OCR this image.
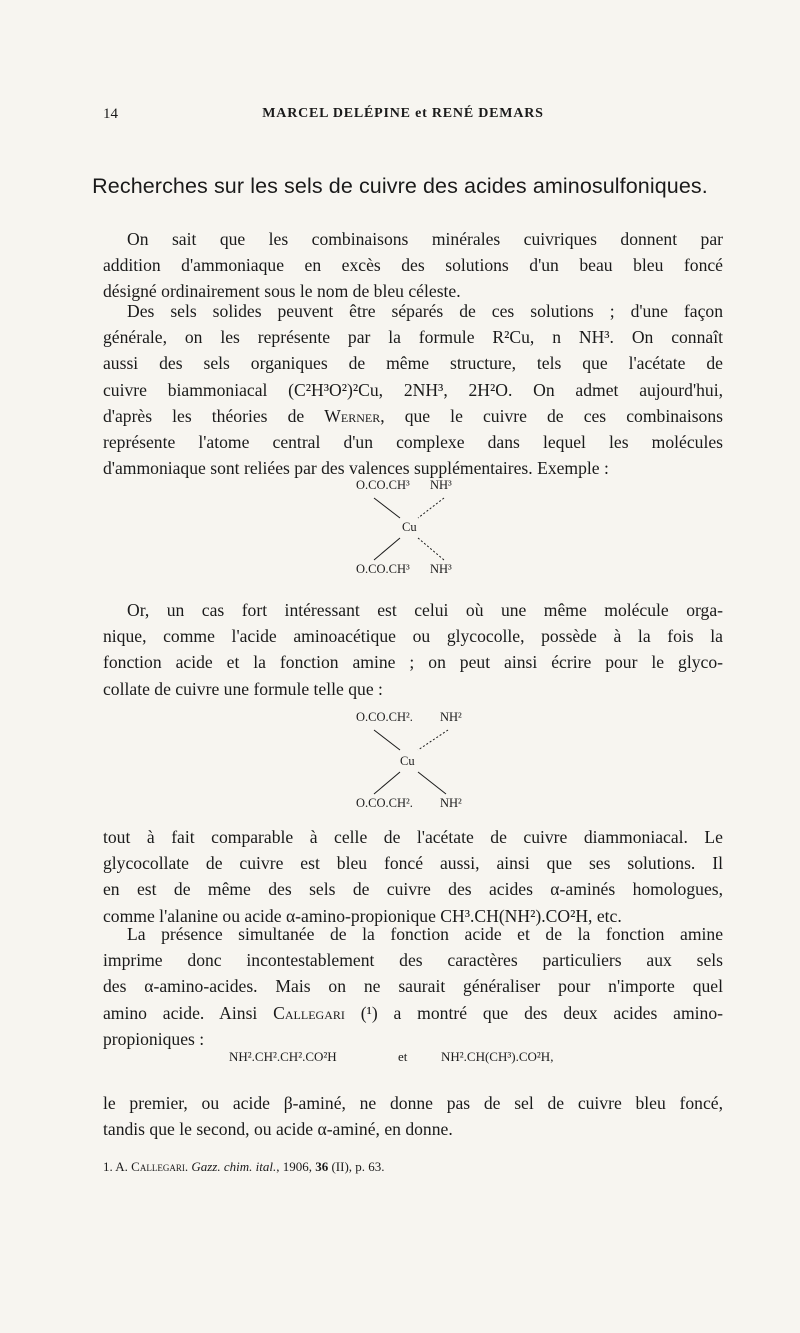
14	MARCEL DELÉPINE et RENÉ DEMARS
Recherches sur les sels de cuivre des acides aminosulfoniques.

On sait que les combinaisons minérales cuivriques donnent par
addition d'ammoniaque en excès des solutions d'un beau bleu foncé
désigné ordinairement sous le nom de bleu céleste.

Des sels solides peuvent être séparés de ces solutions ; d'une façon
générale, on les représente par la formule R²Cu, n NH³. On connaît
aussi des sels organiques de même structure, tels que l'acétate de
cuivre biammoniacal (C²H³O²)²Cu, 2NH³, 2H²O. On admet aujourd'hui,
d'après les théories de Werner, que le cuivre de ces combinaisons
représente l'atome central d'un complexe dans lequel les molécules
d'ammoniaque sont reliées par des valences supplémentaires. Exemple :

O.CO.CH³ NH³
Cu
O.CO.CH³ NH³

Or, un cas fort intéressant est celui où une même molécule orga-
nique, comme l'acide aminoacétique ou glycocolle, possède à la fois la
fonction acide et la fonction amine ; on peut ainsi écrire pour le glyco-
collate de cuivre une formule telle que :

O.CO.CH². NH²
Cu
O.CO.CH². NH²

tout à fait comparable à celle de l'acétate de cuivre diammoniacal. Le
glycocollate de cuivre est bleu foncé aussi, ainsi que ses solutions. Il
en est de même des sels de cuivre des acides α-aminés homologues,
comme l'alanine ou acide α-amino-propionique CH³.CH(NH²).CO²H, etc.

La présence simultanée de la fonction acide et de la fonction amine
imprime donc incontestablement des caractères particuliers aux sels
des α-amino-acides. Mais on ne saurait généraliser pour n'importe quel
amino acide. Ainsi Callegari (¹) a montré que des deux acides amino-
propioniques :

NH².CH².CH².CO²H	et	NH².CH(CH³).CO²H,

le premier, ou acide β-aminé, ne donne pas de sel de cuivre bleu foncé,
tandis que le second, ou acide α-aminé, en donne.

1. A. Callegari. Gazz. chim. ital., 1906, 36 (II), p. 63.
